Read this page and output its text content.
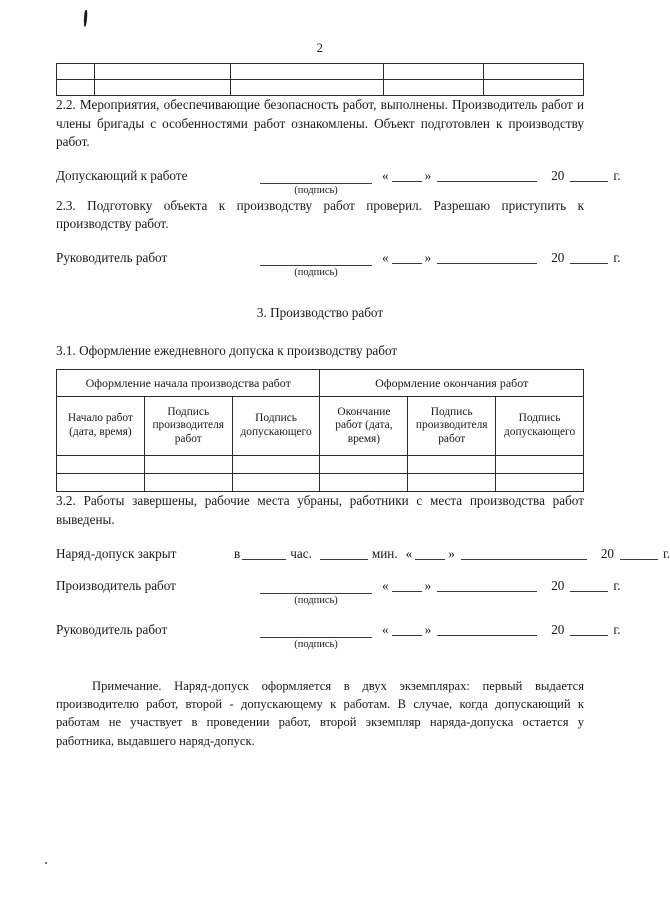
2

2.2. Мероприятия, обеспечивающие безопасность работ, выполнены. Производитель работ и члены бригады с особенностями работ ознакомлены. Объект подготовлен к производству работ.

Допускающий к работе
(подпись)
«	»	20	г.

2.3. Подготовку объекта к производству работ проверил. Разрешаю приступить к производству работ.

Руководитель работ
(подпись)
«	»	20	г.
3. Производство работ
3.1. Оформление ежедневного допуска к производству работ
Оформление начала производства работ			Оформление окончания работ		
Начало работ (дата, время)	Подпись производителя работ	Подпись допускающего	Окончание работ (дата, время)	Подпись производителя работ	Подпись допускающего

3.2. Работы завершены, рабочие места убраны, работники с места производства работ выведены.

Наряд-допуск закрыт	в	час.	мин. «	»	20	г.
Производитель работ
(подпись)
«	»	20	г.
Руководитель работ
(подпись)
«	»	20	г.

Примечание. Наряд-допуск оформляется в двух экземплярах: первый выдается производителю работ, второй - допускающему к работам. В случае, когда допускающий к работам не участвует в проведении работ, второй экземпляр наряда-допуска остается у работника, выдавшего наряд-допуск.
